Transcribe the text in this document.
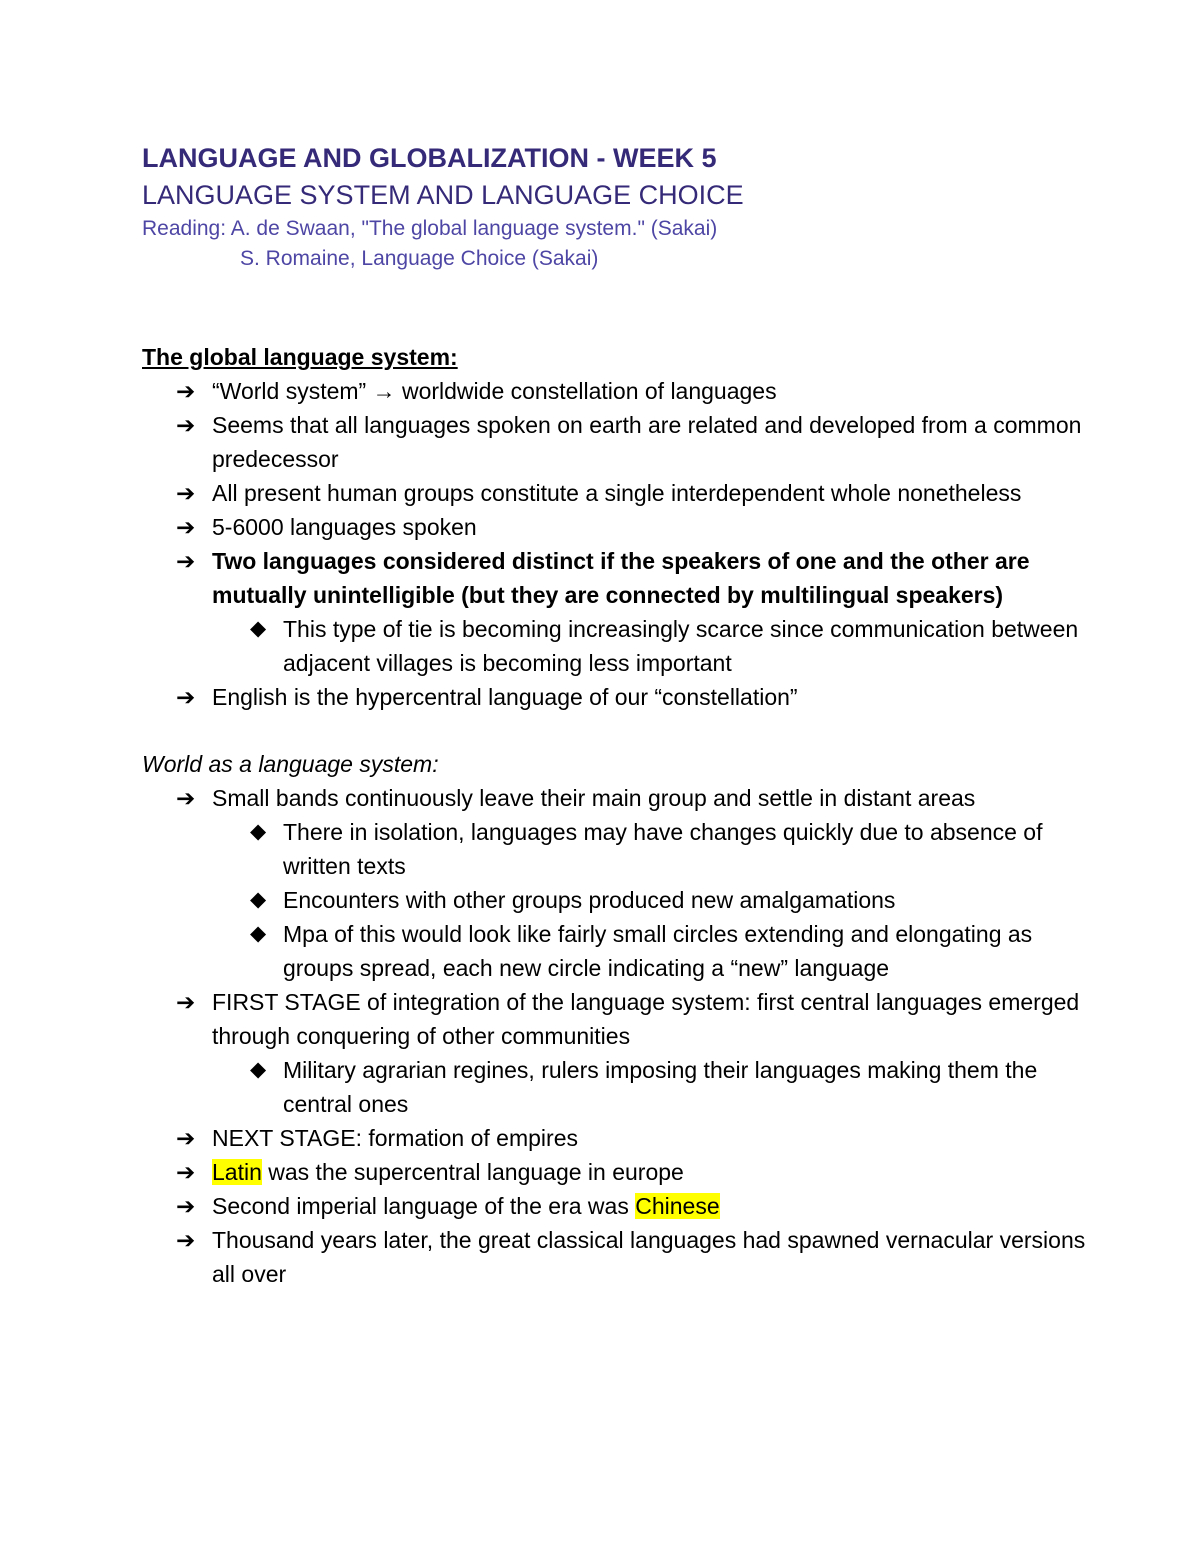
LANGUAGE AND GLOBALIZATION - WEEK 5
LANGUAGE SYSTEM AND LANGUAGE CHOICE
Reading: A. de Swaan, "The global language system." (Sakai)
S. Romaine, Language Choice (Sakai)
The global language system:
➔ “World system” → worldwide constellation of languages
➔ Seems that all languages spoken on earth are related and developed from a common predecessor
➔ All present human groups constitute a single interdependent whole nonetheless
➔ 5-6000 languages spoken
➔ Two languages considered distinct if the speakers of one and the other are mutually unintelligible (but they are connected by multilingual speakers)
◆ This type of tie is becoming increasingly scarce since communication between adjacent villages is becoming less important
➔ English is the hypercentral language of our “constellation”
World as a language system:
➔ Small bands continuously leave their main group and settle in distant areas
◆ There in isolation, languages may have changes quickly due to absence of written texts
◆ Encounters with other groups produced new amalgamations
◆ Mpa of this would look like fairly small circles extending and elongating as groups spread, each new circle indicating a “new” language
➔ FIRST STAGE of integration of the language system: first central languages emerged through conquering of other communities
◆ Military agrarian regines, rulers imposing their languages making them the central ones
➔ NEXT STAGE: formation of empires
➔ Latin was the supercentral language in europe
➔ Second imperial language of the era was Chinese
➔ Thousand years later, the great classical languages had spawned vernacular versions all over
